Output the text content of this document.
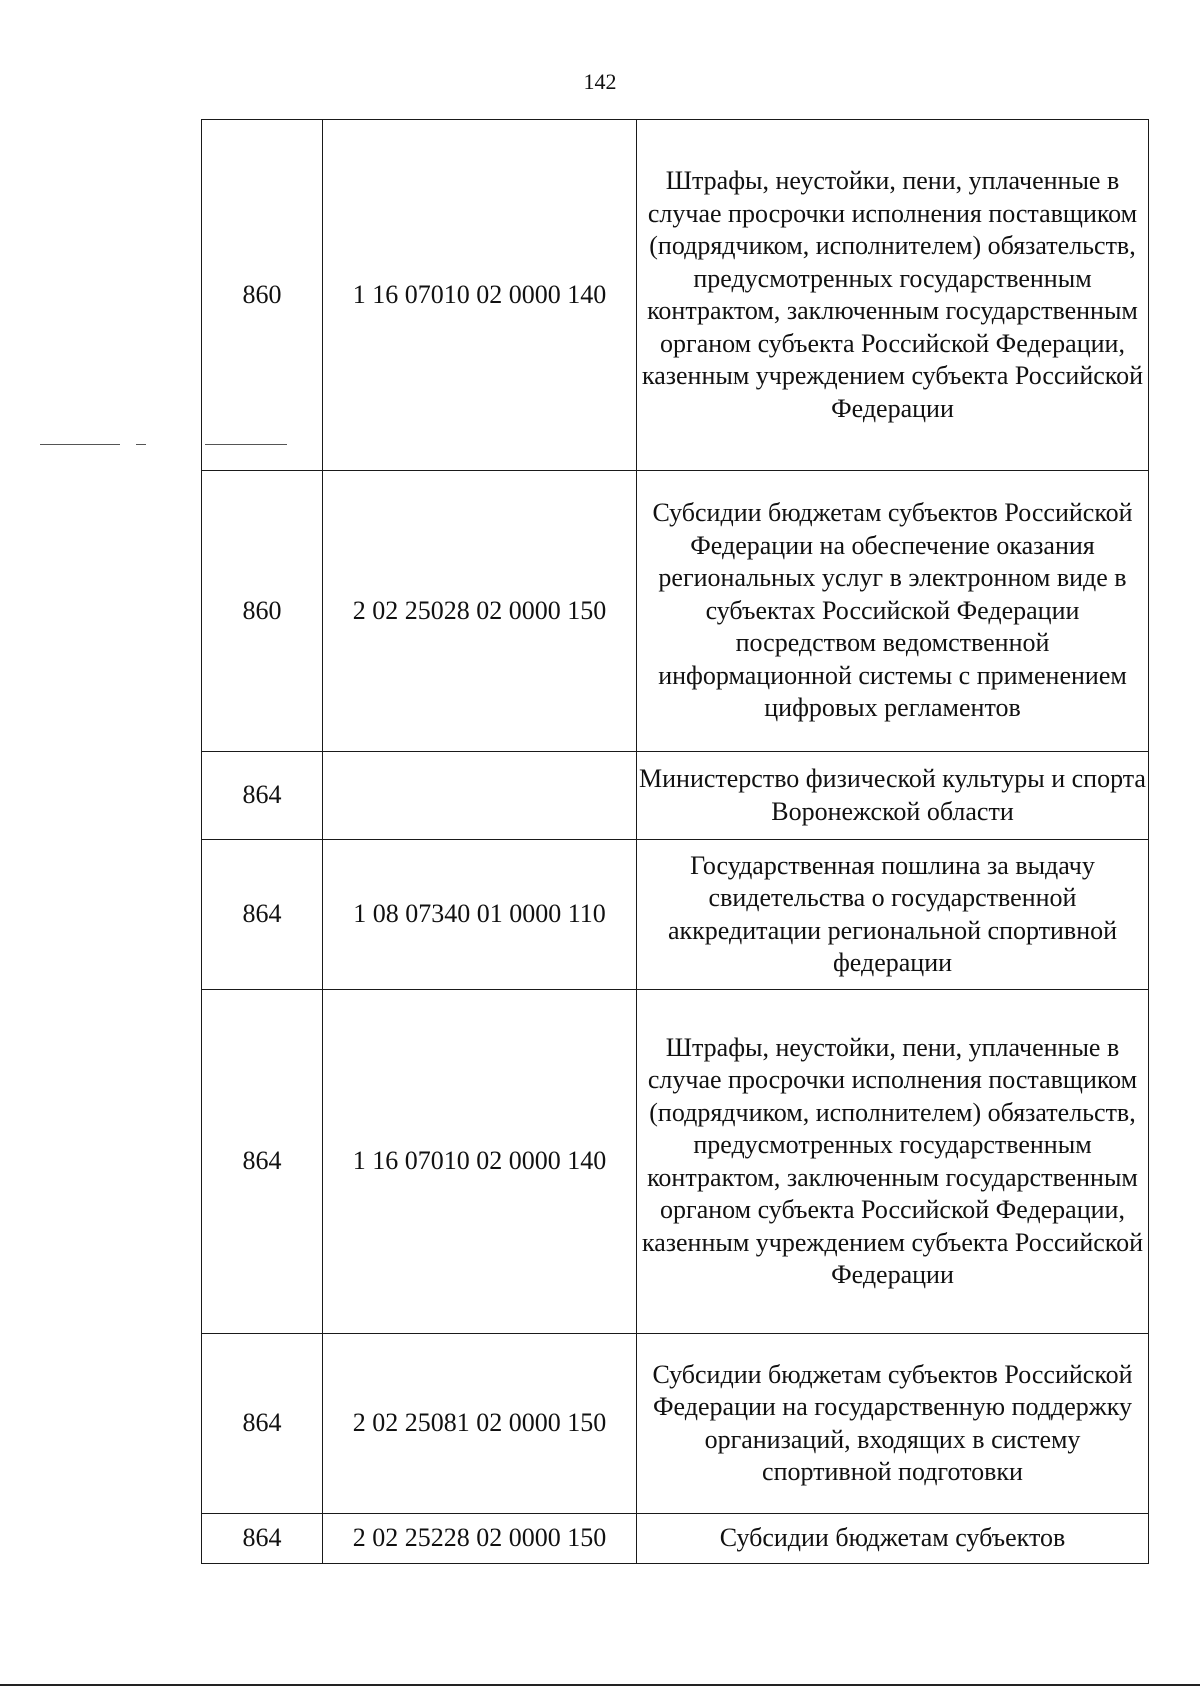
142
860	1 16 07010 02 0000 140	Штрафы, неустойки, пени, уплаченные в случае просрочки исполнения поставщиком (подрядчиком, исполнителем) обязательств, предусмотренных государственным контрактом, заключенным государственным органом субъекта Российской Федерации, казенным учреждением субъекта Российской Федерации
860	2 02 25028 02 0000 150	Субсидии бюджетам субъектов Российской Федерации на обеспечение оказания региональных услуг в электронном виде в субъектах Российской Федерации посредством ведомственной информационной системы с применением цифровых регламентов
864		Министерство физической культуры и спорта Воронежской области
864	1 08 07340 01 0000 110	Государственная пошлина за выдачу свидетельства о государственной аккредитации региональной спортивной федерации
864	1 16 07010 02 0000 140	Штрафы, неустойки, пени, уплаченные в случае просрочки исполнения поставщиком (подрядчиком, исполнителем) обязательств, предусмотренных государственным контрактом, заключенным государственным органом субъекта Российской Федерации, казенным учреждением субъекта Российской Федерации
864	2 02 25081 02 0000 150	Субсидии бюджетам субъектов Российской Федерации на государственную поддержку организаций, входящих в систему спортивной подготовки
864	2 02 25228 02 0000 150	Субсидии бюджетам субъектов
